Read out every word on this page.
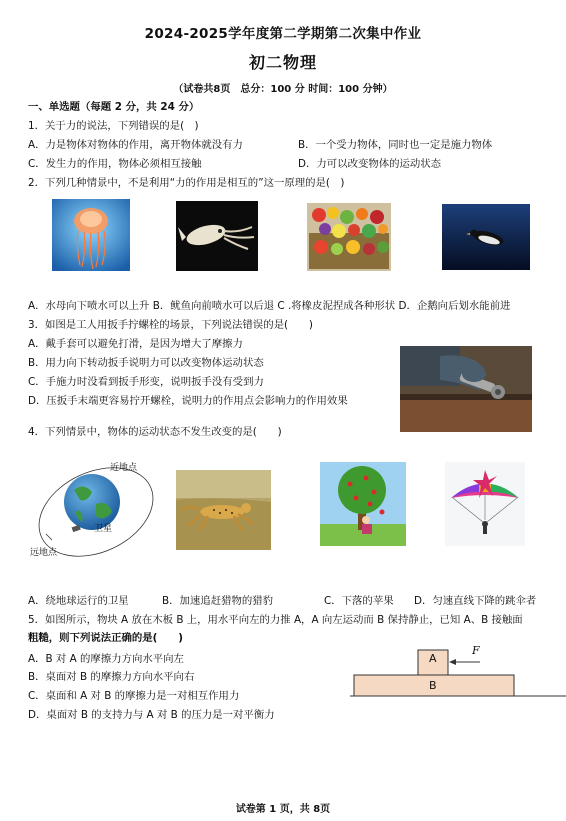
2024-2025学年度第二学期第二次集中作业
初二物理
（试卷共8页　总分：100 分 时间：100 分钟）
一、单选题（每题 2 分，共 24 分）
1．关于力的说法，下列错误的是(　)
A．力是物体对物体的作用，离开物体就没有力	B．一个受力物体，同时也一定是施力物体
C．发生力的作用，物体必须相互接触	D．力可以改变物体的运动状态
2．下列几种情景中，不是利用“力的作用是相互的”这一原理的是(　)
A．水母向下喷水可以上升 B．鱿鱼向前喷水可以后退 C .将橡皮泥捏成各种形状 D．企鹅向后划水能前进
3．如图是工人用扳手拧螺栓的场景，下列说法错误的是(　　)
A．戴手套可以避免打滑，是因为增大了摩擦力
B．用力向下转动扳手说明力可以改变物体运动状态
C．手施力时没看到扳手形变，说明扳手没有受到力
D．压扳手末端更容易拧开螺栓，说明力的作用点会影响力的作用效果
4．下列情景中，物体的运动状态不发生改变的是(　　)
近地点
卫星
远地点
A．绕地球运行的卫星	B．加速追赶猎物的猎豹	C．下落的苹果 D．匀速直线下降的跳伞者
5．如图所示，物块 A 放在木板 B 上，用水平向左的力推 A，A 向左运动而 B 保持静止，已知 A、B 接触面
粗糙，则下列说法正确的是(　　)
A．B 对 A 的摩擦力方向水平向左
B．桌面对 B 的摩擦力方向水平向右
C．桌面和 A 对 B 的摩擦力是一对相互作用力
D．桌面对 B 的支持力与 A 对 B 的压力是一对平衡力
A
B
F
试卷第 1 页，共 8页
